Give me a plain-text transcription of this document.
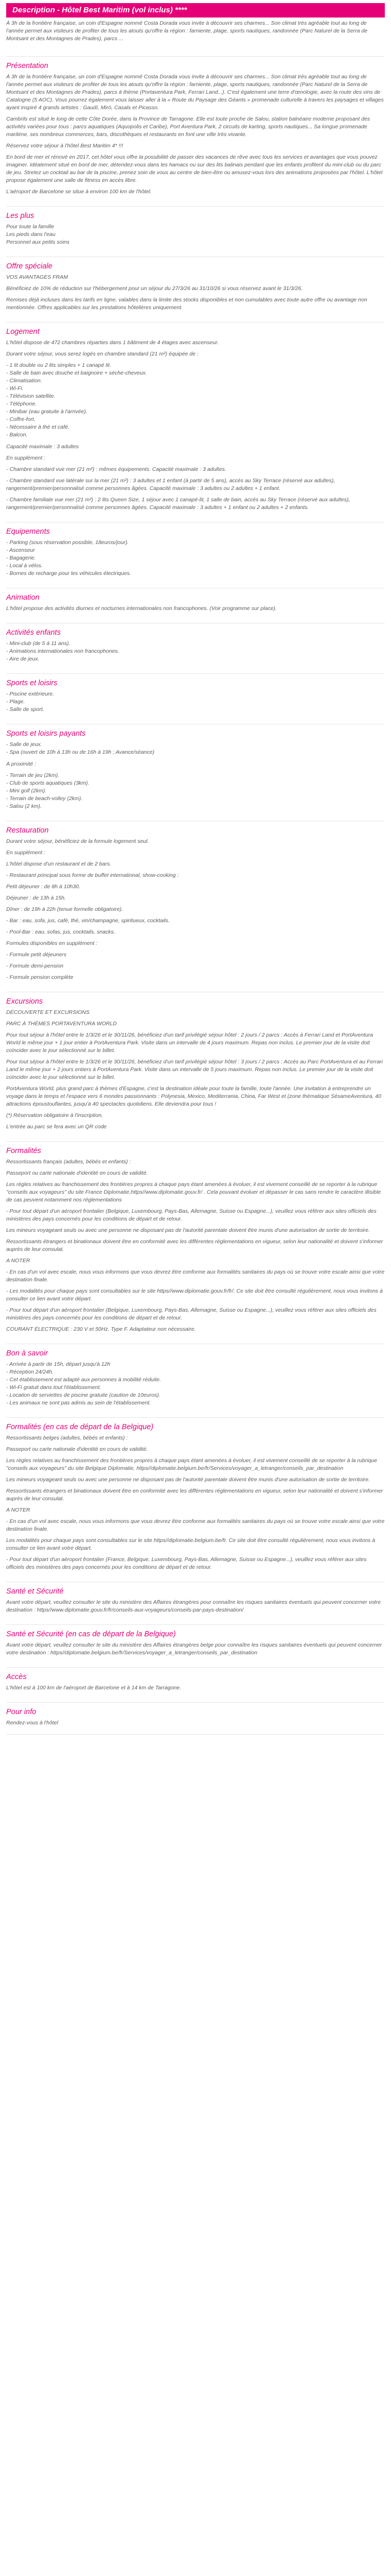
Description - Hôtel Best Maritim (vol inclus) ****

À 3h de la frontière française, un coin d'Espagne nommé Costa Dorada vous invite à découvrir ses charmes... Son climat très agréable tout au long de l'année permet aux visiteurs de profiter de tous les atouts qu'offre la région : farniente, plage, sports nautiques, randonnée (Parc Naturel de la Serra de Montsant et des Montagnes de Prades), parcs ...

Présentation

À 3h de la frontière française, un coin d'Espagne nommé Costa Dorada vous invite à découvrir ses charmes... Son climat très agréable tout au long de l'année permet aux visiteurs de profiter de tous les atouts qu'offre la région : farniente, plage, sports nautiques, randonnée (Parc Naturel de la Serra de Montsant et des Montagnes de Prades), parcs à thème (Portaventura Park, Ferrari Land...). C'est également une terre d'œnologie, avec la route des vins de Catalogne (5 AOC). Vous pourrez également vous laisser aller à la « Route du Paysage des Géants » promenade culturelle à travers les paysages et villages ayant inspiré 4 grands artistes : Gaudí, Miró, Casals et Picasso.

Cambrils est situé le long de cette Côte Dorée, dans la Province de Tarragone. Elle est toute proche de Salou, station balnéaire moderne proposant des activités variées pour tous : parcs aquatiques (Aquopolis et Caribe), Port Aventura Park, 2 circuits de karting, sports nautiques... Sa longue promenade maritime, ses nombreux commerces, bars, discothèques et restaurants en font une ville très vivante.

Réservez votre séjour à l'hôtel Best Maritim 4* !!!

En bord de mer et rénové en 2017, cet hôtel vous offre la possibilité de passer des vacances de rêve avec tous les services et avantages que vous pouvez imaginer. Idéalement situé en bord de mer, détendez-vous dans les hamacs ou sur des lits balinais pendant que les enfants profitent du mini-club ou du parc de jeu. Stretez un cocktail au bar de la piscine, prenez soin de vous au centre de bien-être ou amusez-vous lors des animations proposées par l'hôtel. L'hôtel propose également une salle de fitness en accès libre.

L'aéroport de Barcelone se situe à environ 100 km de l'hôtel.

Les plus
Pour toute la famille
Les pieds dans l'eau
Personnel aux petits soins
Offre spéciale

VOS AVANTAGES FRAM

Bénéficiez de 10% de réduction sur l'hébergement pour un séjour du 27/3/26 au 31/10/26 si vous réservez avant le 31/3/26.

Remises déjà incluses dans les tarifs en ligne, valables dans la limite des stocks disponibles et non cumulables avec toute autre offre ou avantage non mentionnée. Offres applicables sur les prestations hôtelières uniquement.

Logement

L'hôtel dispose de 472 chambres réparties dans 1 bâtiment de 4 étages avec ascenseur.

Durant votre séjour, vous serez logés en chambre standard (21 m²) équipée de :

- 1 lit double ou 2 lits simples + 1 canapé lit.
- Salle de bain avec douche et baignoire + sèche-cheveux.
- Climatisation.
- Wi-Fi.
- Télévision satellite.
- Téléphone.
- Minibar (eau gratuite à l'arrivée).
- Coffre-fort.
- Nécessaire à thé et café.
- Balcon.

Capacité maximale : 3 adultes

En supplément :

- Chambre standard vue mer (21 m²) : mêmes équipements. Capacité maximale : 3 adultes.

- Chambre standard vue latérale sur la mer (21 m²) : 3 adultes et 1 enfant (à partir de 5 ans), accès au Sky Terrace (réservé aux adultes), rangement/premier/personnalisé comme personnes âgées. Capacité maximale : 3 adultes ou 2 adultes + 1 enfant.

- Chambre familiale vue mer (21 m²) : 2 lits Queen Size, 1 séjour avec 1 canapé-lit, 1 salle de bain, accès au Sky Terrace (réservé aux adultes), rangement/premier/personnalisé comme personnes âgées. Capacité maximale : 3 adultes + 1 enfant ou 2 adultes + 2 enfants.

Equipements
- Parking (sous réservation possible, 18euros/jour).
- Ascenseur
- Bagagerie.
- Local à vélos.
- Bornes de recharge pour les véhicules électriques.
Animation

L'hôtel propose des activités diurnes et nocturnes internationales non francophones. (Voir programme sur place).

Activités enfants
- Mini-club (de 5 à 11 ans).
- Animations internationales non francophones.
- Aire de jeux.
Sports et loisirs
- Piscine extérieure.
- Plage.
- Salle de sport.
Sports et loisirs payants
- Salle de jeux.
- Spa (ouvert de 10h à 13h ou de 16h à 19h ; Avance/séance)

A proximité :

- Terrain de jeu (2km).
- Club de sports aquatiques (3km).
- Mini golf (2km).
- Terrain de beach-volley (2km).
- Salou (2 km).
Restauration

Durant votre séjour, bénéficiez de la formule logement seul.

En supplément :

L'hôtel dispose d'un restaurant et de 2 bars.

- Restaurant principal sous forme de buffet international, show-cooking :

Petit déjeuner : de 8h à 10h30.

Déjeuner : de 13h à 15h.

Dîner : de 19h à 22h (tenue formelle obligatoire).

- Bar : eau, sofa, jus, café, thé, vin/champagne, spiritueux, cocktails.

- Pool-Bar : eau, sofas, jus, cocktails, snacks.

Formules disponibles en supplément :

- Formule petit déjeuners

- Formule demi-pension

- Formule pension complète

Excursions

DÉCOUVERTE ET EXCURSIONS

PARC À THÈMES PORTAVENTURA WORLD

Pour tout séjour à l'hôtel entre le 1/3/26 et le 30/11/26, bénéficiez d'un tarif privilégié séjour hôtel : 2 jours / 2 parcs : Accès à Ferrari Land et PortAventura World le même jour + 1 jour entier à PortAventura Park. Visite dans un intervalle de 4 jours maximum. Repas non inclus. Le premier jour de la visite doit coïncider avec le jour sélectionné sur le billet.

Pour tout séjour à l'hôtel entre le 1/3/26 et le 30/11/26, bénéficiez d'un tarif privilégié séjour hôtel : 3 jours / 2 parcs : Accès au Parc PortAventura et au Ferrari Land le même jour + 2 jours entiers à PortAventura Park. Visite dans un intervalle de 5 jours maximum. Repas non inclus. Le premier jour de la visite doit coïncider avec le jour sélectionné sur le billet.

PortAventura World, plus grand parc à thèmes d'Espagne, c'est la destination idéale pour toute la famille, toute l'année. Une invitation à entreprendre un voyage dans le temps et l'espace vers 6 mondes passionnants : Polynesia, Mexico, Mediterrania, China, Far West et (zone thématique SésameAventura, 40 attractions époustouflantes, jusqu'à 40 spectacles quotidiens. Elle deviendra pour tous !

(*) Réservation obligatoire à l'inscription.

L'entrée au parc se fera avec un QR code

Formalités

Ressortissants français (adultes, bébés et enfants) :

Passeport ou carte nationale d'identité en cours de validité.

Les règles relatives au franchissement des frontières propres à chaque pays étant amenées à évoluer, il est vivement conseillé de se reporter à la rubrique "conseils aux voyageurs" du site France Diplomatie,https//www.diplomatie.gouv.fr/ . Cela pouvant évoluer et dépasser le cas sans rendre le caractère illisible de cas peuvent notamment nos réglementations

- Pour tout départ d'un aéroport frontalier (Belgique, Luxembourg, Pays-Bas, Allemagne, Suisse ou Espagne...), veuillez vous référer aux sites officiels des ministères des pays concernés pour les conditions de départ et de retour.

Les mineurs voyageant seuls ou avec une personne ne disposant pas de l'autorité parentale doivent être munis d'une autorisation de sortie de territoire.

Ressortissants étrangers et binationaux doivent être en conformité avec les différentes réglementations en vigueur, selon leur nationalité et doivent s'informer auprès de leur consulat.

A NOTER

- En cas d'un vol avec escale, nous vous informons que vous devrez être conforme aux formalités sanitaires du pays où se trouve votre escale ainsi que votre destination finale.

- Les modalités pour chaque pays sont consultables sur le site https//www.diplomatie.gouv.fr/fr/. Ce site doit être consulté régulièrement, nous vous invitons à consulter ce lien avant votre départ.

- Pour tout départ d'un aéroport frontalier (Belgique, Luxembourg, Pays-Bas, Allemagne, Suisse ou Espagne...), veuillez vous référer aux sites officiels des ministères des pays concernés pour les conditions de départ et de retour.

COURANT ÉLECTRIQUE : 230 V et 50Hz. Type F. Adaptateur non nécessaire.

Bon à savoir
- Arrivée à partir de 15h, départ jusqu'à 12h
- Réception 24/24h.
- Cet établissement est adapté aux personnes à mobilité réduite.
- Wi-Fi gratuit dans tout l'établissement.
- Location de serviettes de piscine gratuite (caution de 10euros).
- Les animaux ne sont pas admis au sein de l'établissement.
Formalités (en cas de départ de la Belgique)

Ressortissants belges (adultes, bébés et enfants) :

Passeport ou carte nationale d'identité en cours de validité.

Les règles relatives au franchissement des frontières propres à chaque pays étant amenées à évoluer, il est vivement conseillé de se reporter à la rubrique "conseils aux voyageurs" du site Belgique Diplomatie, https//diplomatie.belgium.be/fr/Services/voyager_a_letranger/conseils_par_destination

Les mineurs voyageant seuls ou avec une personne ne disposant pas de l'autorité parentale doivent être munis d'une autorisation de sortie de territoire.

Ressortissants étrangers et binationaux doivent être en conformité avec les différentes réglementations en vigueur, selon leur nationalité et doivent s'informer auprès de leur consulat.

A NOTER

- En cas d'un vol avec escale, nous vous informons que vous devrez être conforme aux formalités sanitaires du pays où se trouve votre escale ainsi que votre destination finale.

Les modalités pour chaque pays sont consultables sur le site https//diplomatie.belgium.be/fr. Ce site doit être consulté régulièrement, nous vous invitons à consulter ce lien avant votre départ.

- Pour tout départ d'un aéroport frontalier (France, Belgique, Luxembourg, Pays-Bas, Allemagne, Suisse ou Espagne...), veuillez vous référer aux sites officiels des ministères des pays concernés pour les conditions de départ et de retour.

Santé et Sécurité

Avant votre départ, veuillez consulter le site du ministère des Affaires étrangères pour connaître les risques sanitaires éventuels qui peuvent concerner votre destination : https//www.diplomatie.gouv.fr/fr/conseils-aux-voyageurs/conseils-par-pays-destination/

Santé et Sécurité (en cas de départ de la Belgique)

Avant votre départ, veuillez consulter le site du ministère des Affaires étrangères belge pour connaître les risques sanitaires éventuels qui peuvent concerner votre destination : https//diplomatie.belgium.be/fr/Services/voyager_a_letranger/conseils_par_destination

Accès

L'hôtel est à 100 km de l'aéroport de Barcelone et à 14 km de Tarragone.

Pour info

Rendez-vous à l'hôtel
